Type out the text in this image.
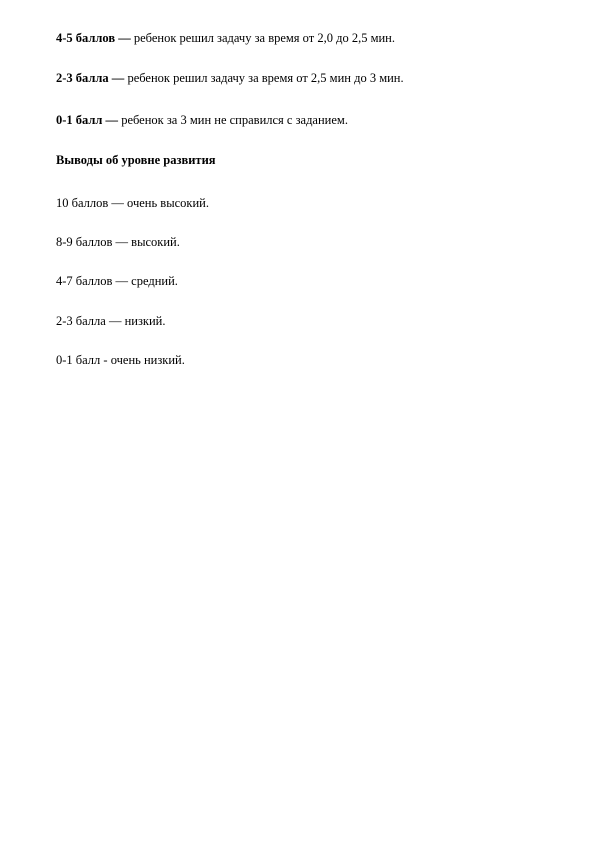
4-5 баллов — ребенок решил задачу за время от 2,0 до 2,5 мин.
2-3 балла — ребенок решил задачу за время от 2,5 мин до 3 мин.
0-1 балл — ребенок за 3 мин не справился с заданием.
Выводы об уровне развития
10 баллов — очень высокий.
8-9 баллов — высокий.
4-7 баллов — средний.
2-3 балла — низкий.
0-1 балл - очень низкий.
